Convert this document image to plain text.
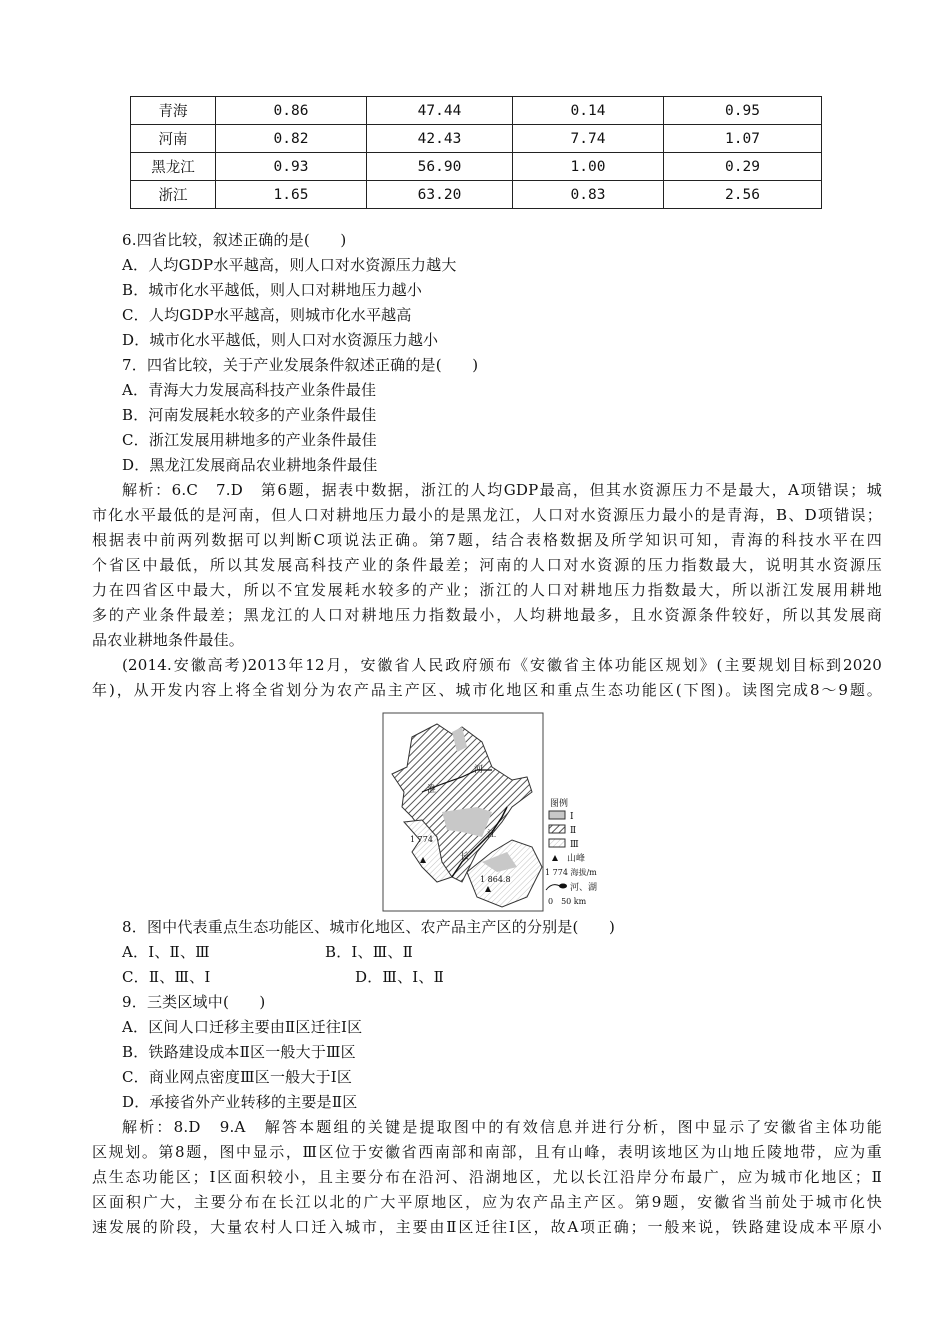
青海	0.86	47.44	0.14	0.95
河南	0.82	42.43	7.74	1.07
黑龙江	0.93	56.90	1.00	0.29
浙江	1.65	63.20	0.83	2.56
6.四省比较，叙述正确的是(　　)
A．人均GDP水平越高，则人口对水资源压力越大
B．城市化水平越低，则人口对耕地压力越小
C．人均GDP水平越高，则城市化水平越高
D．城市化水平越低，则人口对水资源压力越小
7．四省比较，关于产业发展条件叙述正确的是(　　)
A．青海大力发展高科技产业条件最佳
B．河南发展耗水较多的产业条件最佳
C．浙江发展用耕地多的产业条件最佳
D．黑龙江发展商品农业耕地条件最佳
解析：6.C　7.D　第6题，据表中数据，浙江的人均GDP最高，但其水资源压力不是最大，A项错误；城
市化水平最低的是河南，但人口对耕地压力最小的是黑龙江，人口对水资源压力最小的是青海，B、D项错误；
根据表中前两列数据可以判断C项说法正确。第7题，结合表格数据及所学知识可知，青海的科技水平在四
个省区中最低，所以其发展高科技产业的条件最差；河南的人口对水资源的压力指数最大，说明其水资源压
力在四省区中最大，所以不宜发展耗水较多的产业；浙江的人口对耕地压力指数最大，所以浙江发展用耕地
多的产业条件最差；黑龙江的人口对耕地压力指数最小，人均耕地最多，且水资源条件较好，所以其发展商
品农业耕地条件最佳。
(2014.安徽高考)2013年12月，安徽省人民政府颁布《安徽省主体功能区规划》(主要规划目标到2020
年)，从开发内容上将全省划分为农产品主产区、城市化地区和重点生态功能区(下图)。读图完成8～9题。
8．图中代表重点生态功能区、城市化地区、农产品主产区的分别是(　　)
A．Ⅰ、Ⅱ、Ⅲ	B．Ⅰ、Ⅲ、Ⅱ
C．Ⅱ、Ⅲ、Ⅰ	D．Ⅲ、Ⅰ、Ⅱ
9．三类区域中(　　)
A．区间人口迁移主要由Ⅱ区迁往Ⅰ区
B．铁路建设成本Ⅱ区一般大于Ⅲ区
C．商业网点密度Ⅲ区一般大于Ⅰ区
D．承接省外产业转移的主要是Ⅱ区
解析：8.D　9.A　解答本题组的关键是提取图中的有效信息并进行分析，图中显示了安徽省主体功能
区规划。第8题，图中显示，Ⅲ区位于安徽省西南部和南部，且有山峰，表明该地区为山地丘陵地带，应为重
点生态功能区；Ⅰ区面积较小，且主要分布在沿河、沿湖地区，尤以长江沿岸分布最广，应为城市化地区；Ⅱ
区面积广大，主要分布在长江以北的广大平原地区，应为农产品主产区。第9题，安徽省当前处于城市化快
速发展的阶段，大量农村人口迁入城市，主要由Ⅱ区迁往Ⅰ区，故A项正确；一般来说，铁路建设成本平原小
淮
河
长
江
1 774
1 864.8
图例
Ⅰ
Ⅱ
Ⅲ
山峰
1 774 海拔/m
河、湖
0　50 km
